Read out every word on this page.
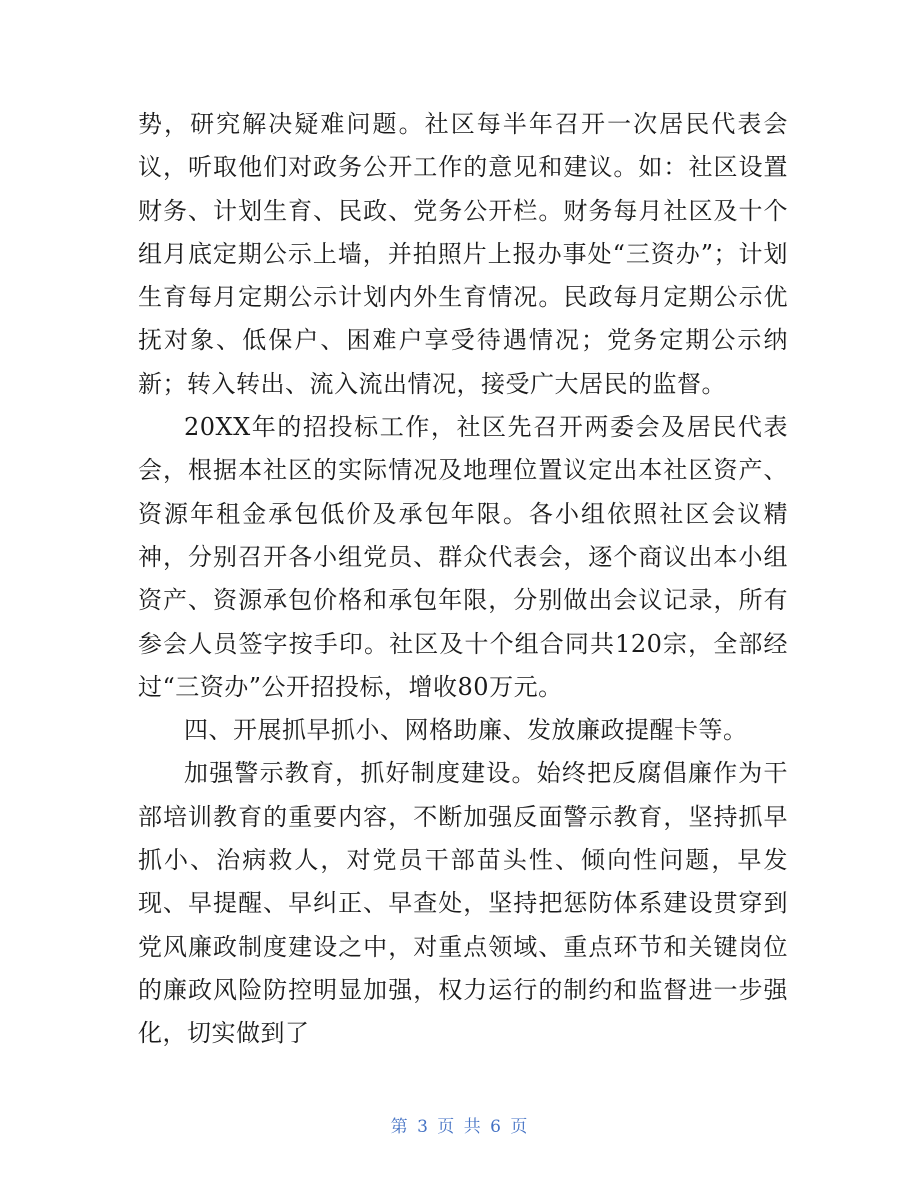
势，研究解决疑难问题。社区每半年召开一次居民代表会议，听取他们对政务公开工作的意见和建议。如：社区设置财务、计划生育、民政、党务公开栏。财务每月社区及十个组月底定期公示上墙，并拍照片上报办事处“三资办”；计划生育每月定期公示计划内外生育情况。民政每月定期公示优抚对象、低保户、困难户享受待遇情况；党务定期公示纳新；转入转出、流入流出情况，接受广大居民的监督。

20XX年的招投标工作，社区先召开两委会及居民代表会，根据本社区的实际情况及地理位置议定出本社区资产、资源年租金承包低价及承包年限。各小组依照社区会议精神，分别召开各小组党员、群众代表会，逐个商议出本小组资产、资源承包价格和承包年限，分别做出会议记录，所有参会人员签字按手印。社区及十个组合同共120宗，全部经过“三资办”公开招投标，增收80万元。

四、开展抓早抓小、网格助廉、发放廉政提醒卡等。

加强警示教育，抓好制度建设。始终把反腐倡廉作为干部培训教育的重要内容，不断加强反面警示教育，坚持抓早抓小、治病救人，对党员干部苗头性、倾向性问题，早发现、早提醒、早纠正、早查处，坚持把惩防体系建设贯穿到党风廉政制度建设之中，对重点领域、重点环节和关键岗位的廉政风险防控明显加强，权力运行的制约和监督进一步强化，切实做到了

第 3 页 共 6 页
